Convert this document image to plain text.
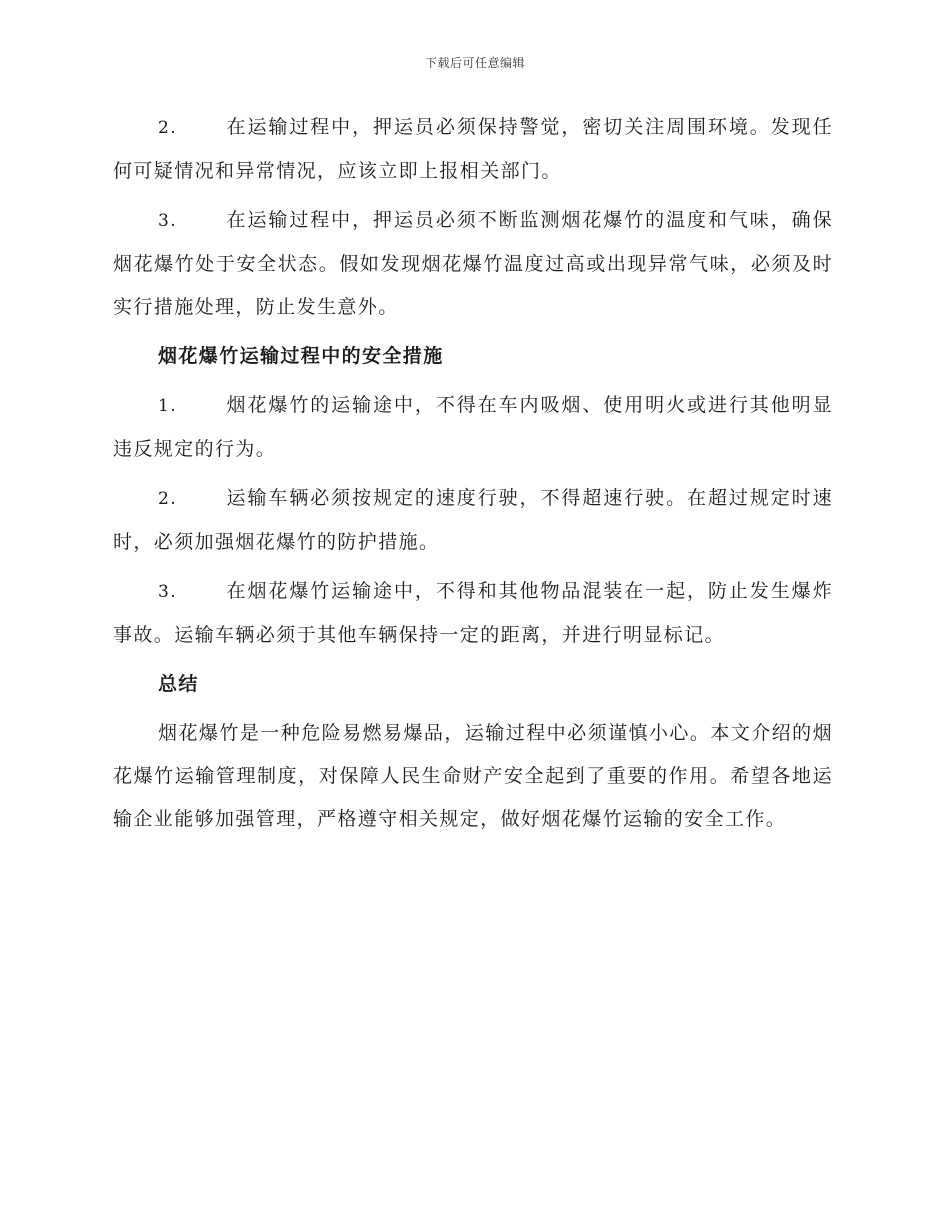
下载后可任意编辑

2.	在运输过程中，押运员必须保持警觉，密切关注周围环境。发现任何可疑情况和异常情况，应该立即上报相关部门。

3.	在运输过程中，押运员必须不断监测烟花爆竹的温度和气味，确保烟花爆竹处于安全状态。假如发现烟花爆竹温度过高或出现异常气味，必须及时实行措施处理，防止发生意外。

烟花爆竹运输过程中的安全措施

1.	烟花爆竹的运输途中，不得在车内吸烟、使用明火或进行其他明显违反规定的行为。

2.	运输车辆必须按规定的速度行驶，不得超速行驶。在超过规定时速时，必须加强烟花爆竹的防护措施。

3.	在烟花爆竹运输途中，不得和其他物品混装在一起，防止发生爆炸事故。运输车辆必须于其他车辆保持一定的距离，并进行明显标记。

总结

烟花爆竹是一种危险易燃易爆品，运输过程中必须谨慎小心。本文介绍的烟花爆竹运输管理制度，对保障人民生命财产安全起到了重要的作用。希望各地运输企业能够加强管理，严格遵守相关规定，做好烟花爆竹运输的安全工作。
